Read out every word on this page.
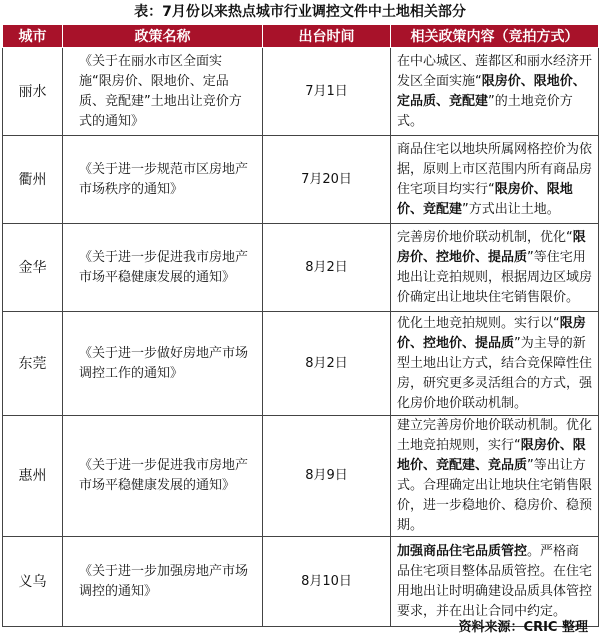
表：7月份以来热点城市行业调控文件中土地相关部分
城市	政策名称	出台时间	相关政策内容（竞拍方式）
丽水	《关于在丽水市区全面实施“限房价、限地价、定品质、竞配建”土地出让竞价方式的通知》	7月1日	在中心城区、莲都区和丽水经济开发区全面实施“限房价、限地价、定品质、竞配建”的土地竞价方式。
衢州	《关于进一步规范市区房地产市场秩序的通知》	7月20日	商品住宅以地块所属网格控价为依据，原则上市区范围内所有商品房住宅项目均实行“限房价、限地价、竞配建”方式出让土地。
金华	《关于进一步促进我市房地产市场平稳健康发展的通知》	8月2日	完善房价地价联动机制，优化“限房价、控地价、提品质”等住宅用地出让竞拍规则，根据周边区域房价确定出让地块住宅销售限价。
东莞	《关于进一步做好房地产市场调控工作的通知》	8月2日	优化土地竞拍规则。实行以“限房价、控地价、提品质”为主导的新型土地出让方式，结合竞保障性住房，研究更多灵活组合的方式，强化房价地价联动机制。
惠州	《关于进一步促进我市房地产市场平稳健康发展的通知》	8月9日	建立完善房价地价联动机制。优化土地竞拍规则，实行“限房价、限地价、竞配建、竞品质”等出让方式。合理确定出让地块住宅销售限价，进一步稳地价、稳房价、稳预期。
义乌	《关于进一步加强房地产市场调控的通知》	8月10日	加强商品住宅品质管控。严格商品住宅项目整体品质管控。在住宅用地出让时明确建设品质具体管控要求，并在出让合同中约定。
资料来源：CRIC 整理
